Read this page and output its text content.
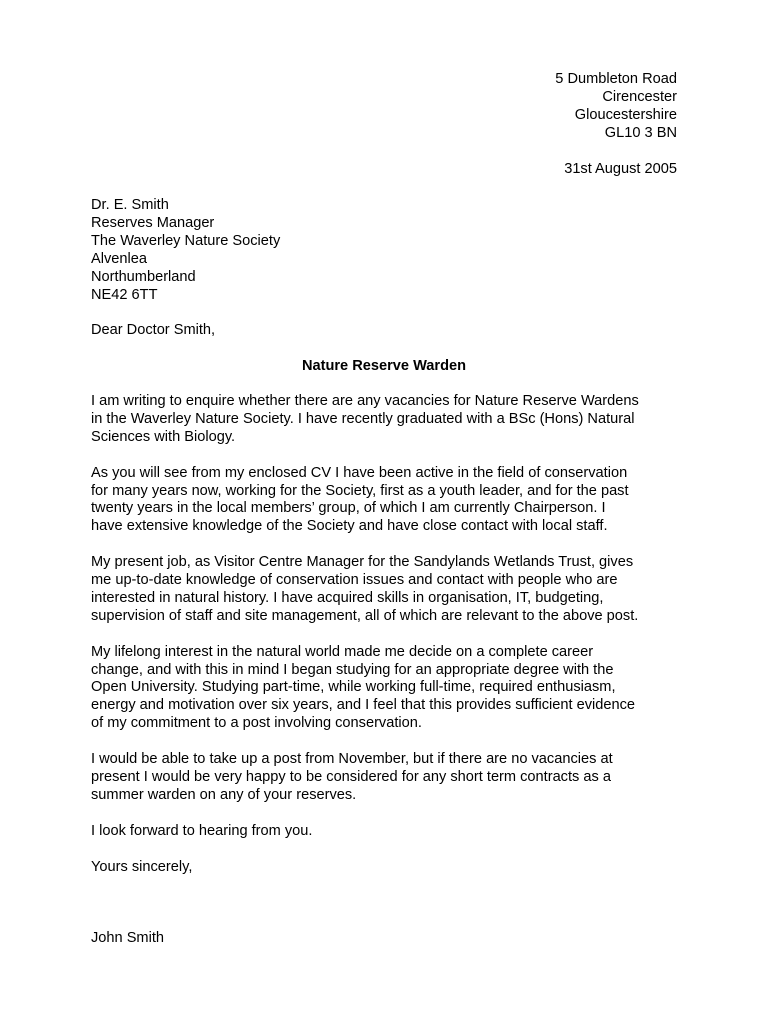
5 Dumbleton Road
Cirencester
Gloucestershire
GL10 3 BN
31st August 2005
Dr. E. Smith
Reserves Manager
The Waverley Nature Society
Alvenlea
Northumberland
NE42 6TT
Dear Doctor Smith,
Nature Reserve Warden

I am writing to enquire whether there are any vacancies for Nature Reserve Wardens
in the Waverley Nature Society. I have recently graduated with a BSc (Hons) Natural
Sciences with Biology.

As you will see from my enclosed CV I have been active in the field of conservation
for many years now, working for the Society, first as a youth leader, and for the past
twenty years in the local members’ group, of which I am currently Chairperson. I
have extensive knowledge of the Society and have close contact with local staff.

My present job, as Visitor Centre Manager for the Sandylands Wetlands Trust, gives
me up-to-date knowledge of conservation issues and contact with people who are
interested in natural history. I have acquired skills in organisation, IT, budgeting,
supervision of staff and site management, all of which are relevant to the above post.

My lifelong interest in the natural world made me decide on a complete career
change, and with this in mind I began studying for an appropriate degree with the
Open University. Studying part-time, while working full-time, required enthusiasm,
energy and motivation over six years, and I feel that this provides sufficient evidence
of my commitment to a post involving conservation.

I would be able to take up a post from November, but if there are no vacancies at
present I would be very happy to be considered for any short term contracts as a
summer warden on any of your reserves.

I look forward to hearing from you.

Yours sincerely,
John Smith
